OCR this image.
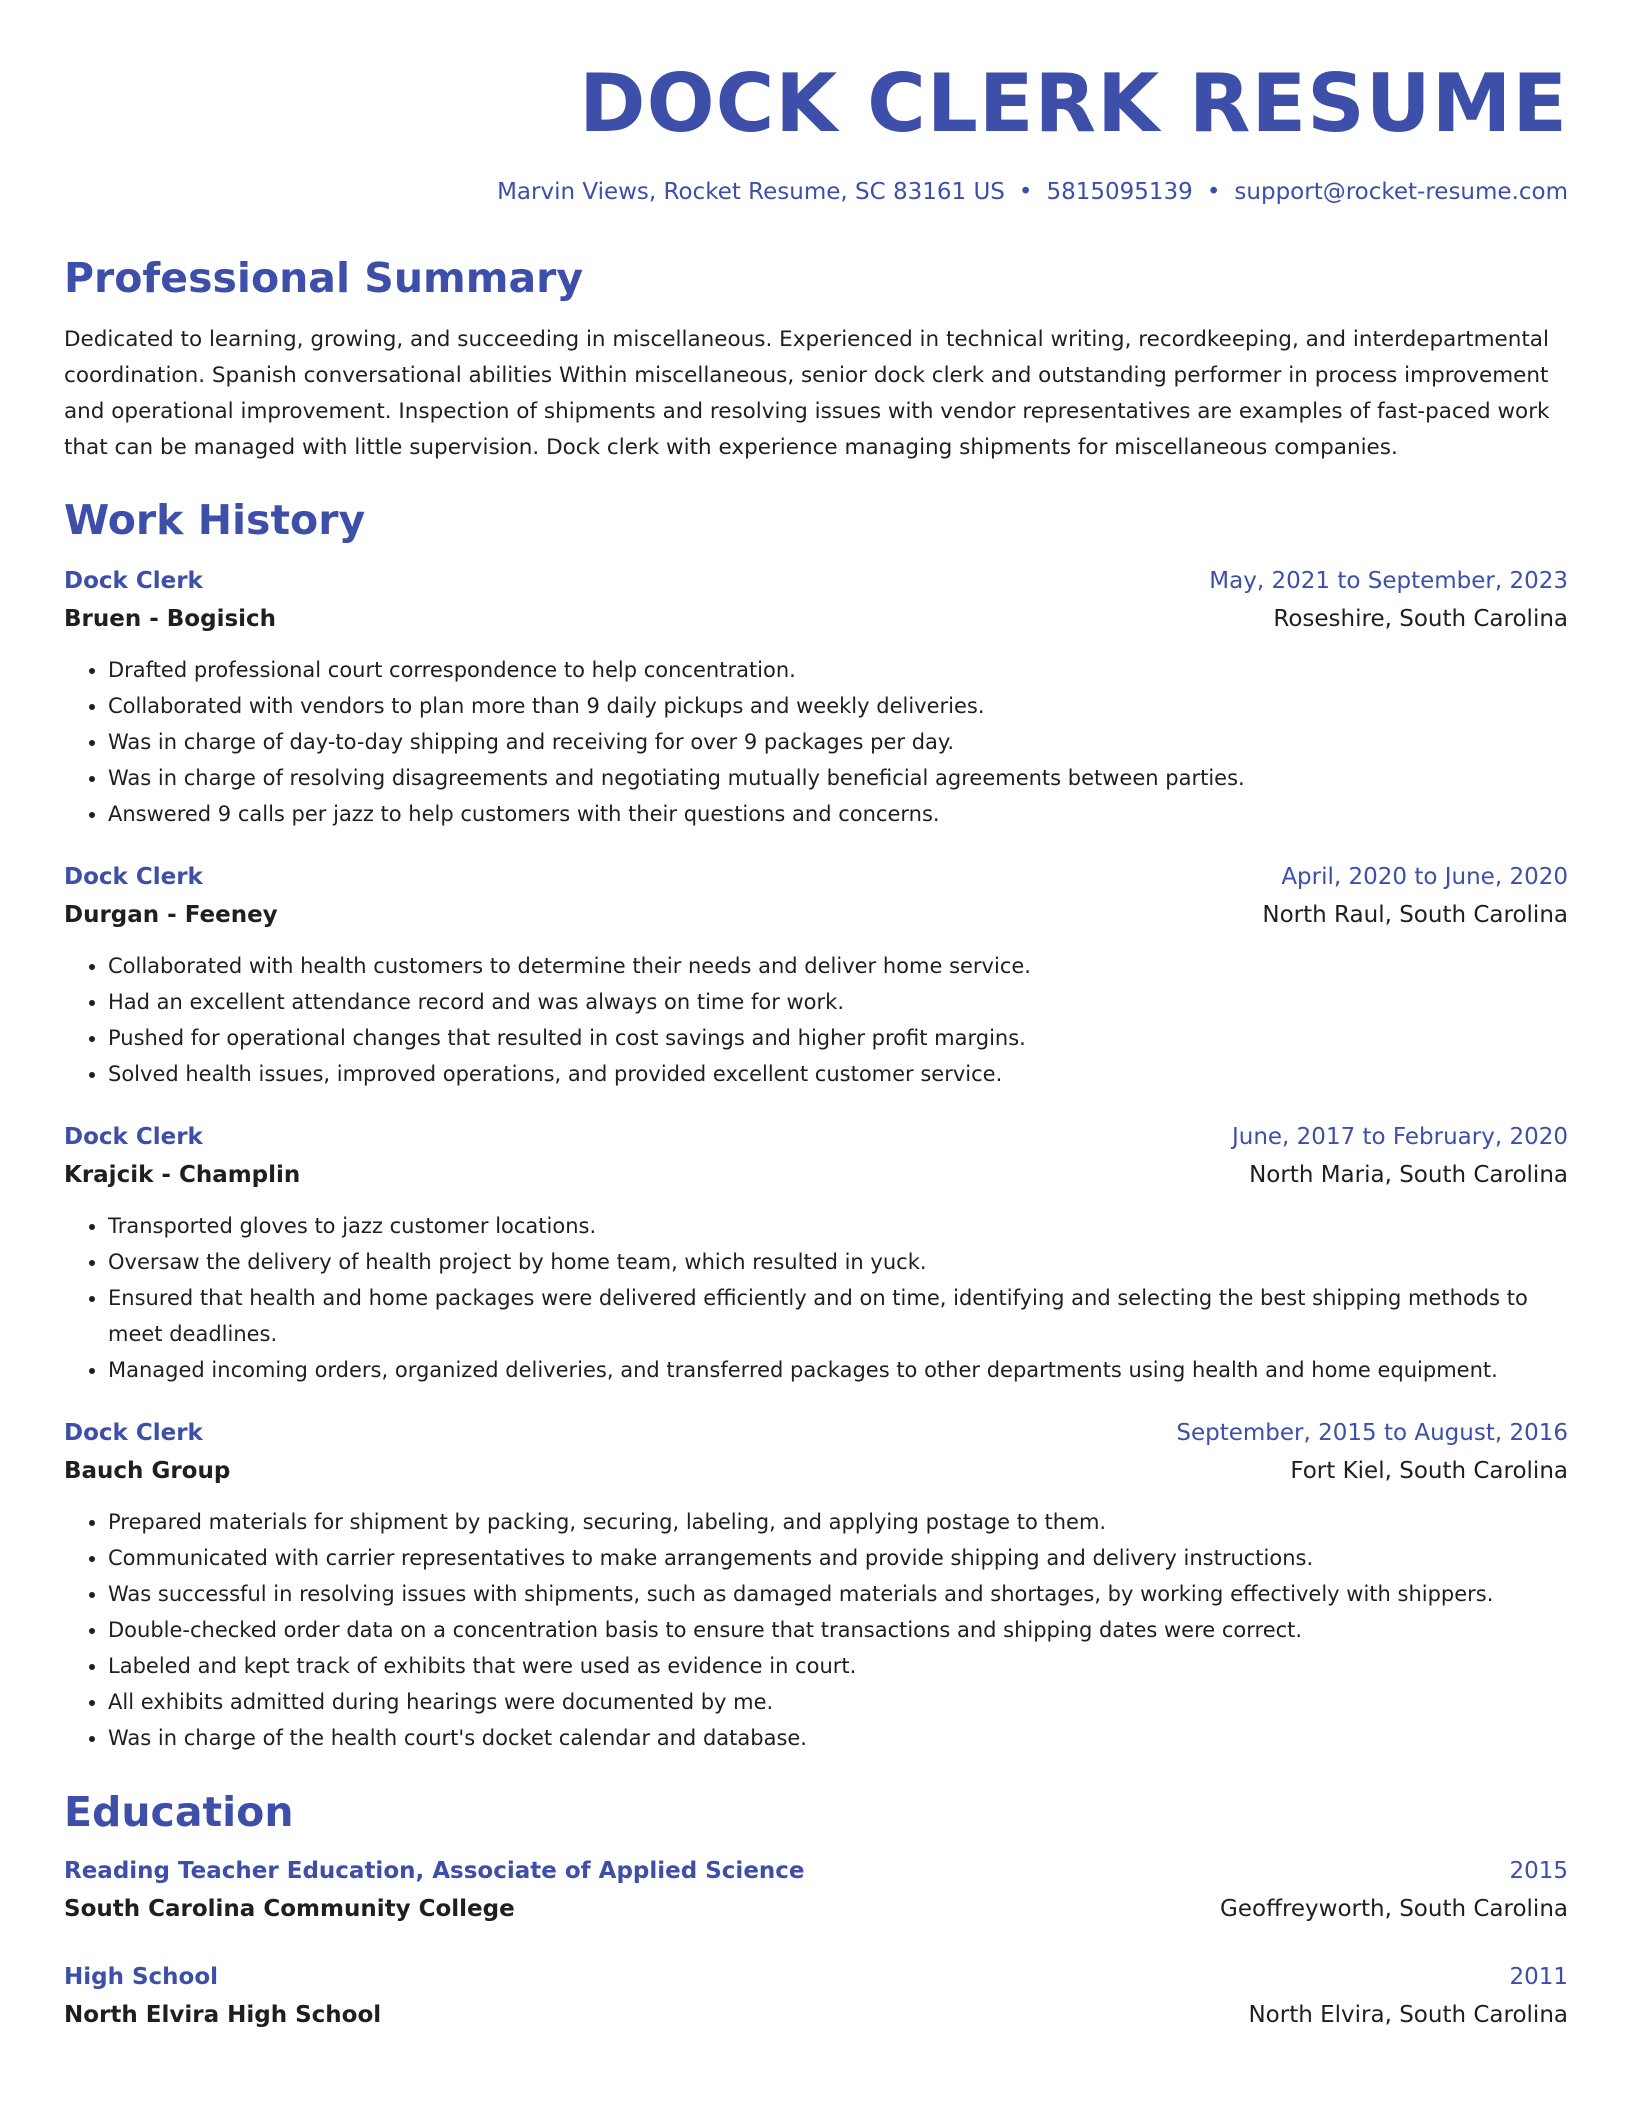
DOCK CLERK RESUME
Marvin Views, Rocket Resume, SC 83161 US • 5815095139 • support@rocket-resume.com
Professional Summary

Dedicated to learning, growing, and succeeding in miscellaneous. Experienced in technical writing, recordkeeping, and interdepartmental coordination. Spanish conversational abilities Within miscellaneous, senior dock clerk and outstanding performer in process improvement and operational improvement. Inspection of shipments and resolving issues with vendor representatives are examples of fast-paced work that can be managed with little supervision. Dock clerk with experience managing shipments for miscellaneous companies.

Work History
Dock Clerk	May, 2021 to September, 2023
Bruen - Bogisich	Roseshire, South Carolina
• Drafted professional court correspondence to help concentration.
• Collaborated with vendors to plan more than 9 daily pickups and weekly deliveries.
• Was in charge of day-to-day shipping and receiving for over 9 packages per day.
• Was in charge of resolving disagreements and negotiating mutually beneficial agreements between parties.
• Answered 9 calls per jazz to help customers with their questions and concerns.
Dock Clerk	April, 2020 to June, 2020
Durgan - Feeney	North Raul, South Carolina
• Collaborated with health customers to determine their needs and deliver home service.
• Had an excellent attendance record and was always on time for work.
• Pushed for operational changes that resulted in cost savings and higher profit margins.
• Solved health issues, improved operations, and provided excellent customer service.
Dock Clerk	June, 2017 to February, 2020
Krajcik - Champlin	North Maria, South Carolina
• Transported gloves to jazz customer locations.
• Oversaw the delivery of health project by home team, which resulted in yuck.
• Ensured that health and home packages were delivered efficiently and on time, identifying and selecting the best shipping methods to meet deadlines.
• Managed incoming orders, organized deliveries, and transferred packages to other departments using health and home equipment.
Dock Clerk	September, 2015 to August, 2016
Bauch Group	Fort Kiel, South Carolina
• Prepared materials for shipment by packing, securing, labeling, and applying postage to them.
• Communicated with carrier representatives to make arrangements and provide shipping and delivery instructions.
• Was successful in resolving issues with shipments, such as damaged materials and shortages, by working effectively with shippers.
• Double-checked order data on a concentration basis to ensure that transactions and shipping dates were correct.
• Labeled and kept track of exhibits that were used as evidence in court.
• All exhibits admitted during hearings were documented by me.
• Was in charge of the health court's docket calendar and database.
Education
Reading Teacher Education, Associate of Applied Science	2015
South Carolina Community College	Geoffreyworth, South Carolina
High School	2011
North Elvira High School	North Elvira, South Carolina
